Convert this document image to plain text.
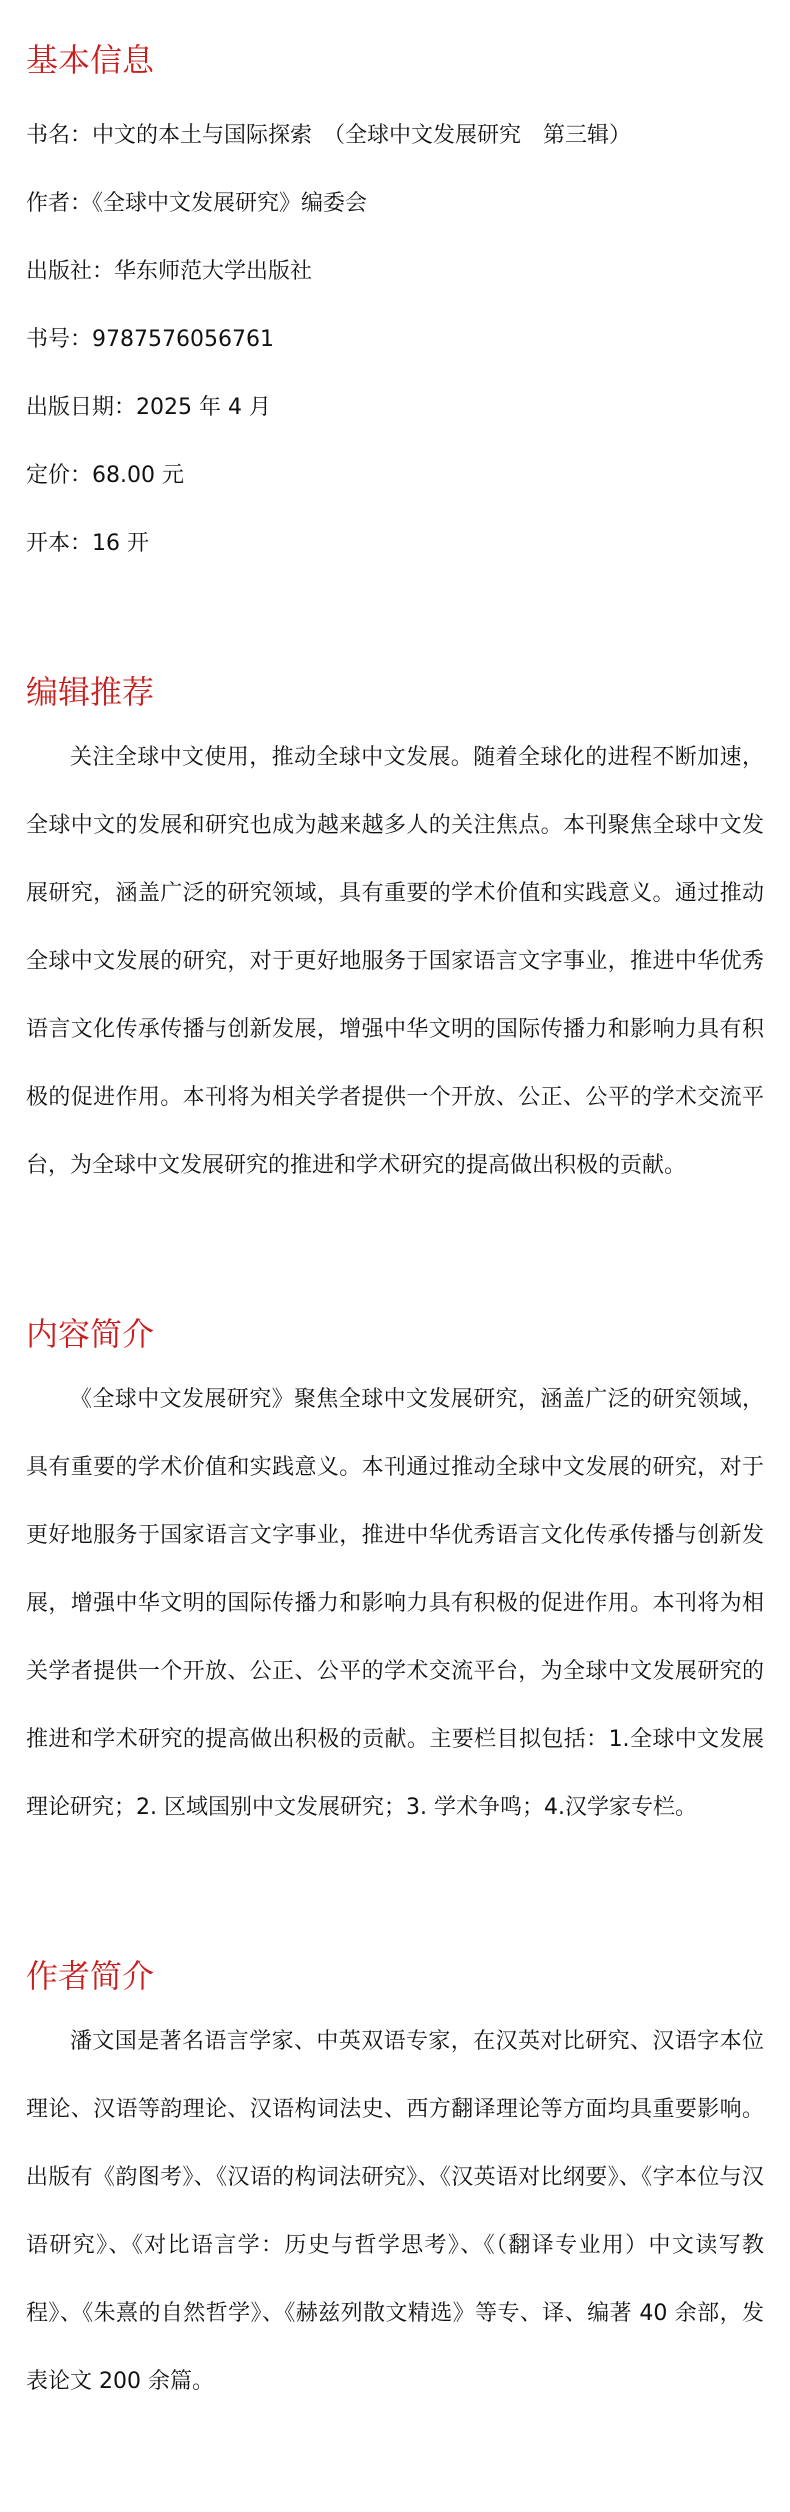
基本信息
书名：中文的本土与国际探索　（全球中文发展研究　第三辑）
作者：《全球中文发展研究》编委会
出版社：华东师范大学出版社
书号：9787576056761
出版日期：2025 年 4 月
定价：68.00 元
开本：16 开
编辑推荐

关注全球中文使用，推动全球中文发展。随着全球化的进程不断加速，全球中文的发展和研究也成为越来越多人的关注焦点。本刊聚焦全球中文发展研究，涵盖广泛的研究领域，具有重要的学术价值和实践意义。通过推动全球中文发展的研究，对于更好地服务于国家语言文字事业，推进中华优秀语言文化传承传播与创新发展，增强中华文明的国际传播力和影响力具有积极的促进作用。本刊将为相关学者提供一个开放、公正、公平的学术交流平台，为全球中文发展研究的推进和学术研究的提高做出积极的贡献。

内容简介

《全球中文发展研究》聚焦全球中文发展研究，涵盖广泛的研究领域，具有重要的学术价值和实践意义。本刊通过推动全球中文发展的研究，对于更好地服务于国家语言文字事业，推进中华优秀语言文化传承传播与创新发展，增强中华文明的国际传播力和影响力具有积极的促进作用。本刊将为相关学者提供一个开放、公正、公平的学术交流平台，为全球中文发展研究的推进和学术研究的提高做出积极的贡献。主要栏目拟包括：1.全球中文发展理论研究；2. 区域国别中文发展研究；3. 学术争鸣；4.汉学家专栏。

作者简介

潘文国是著名语言学家、中英双语专家，在汉英对比研究、汉语字本位理论、汉语等韵理论、汉语构词法史、西方翻译理论等方面均具重要影响。出版有《韵图考》、《汉语的构词法研究》、《汉英语对比纲要》、《字本位与汉语研究》、《对比语言学：历史与哲学思考》、《（翻译专业用）中文读写教程》、《朱熹的自然哲学》、《赫兹列散文精选》等专、译、编著 40 余部，发表论文 200 余篇。
